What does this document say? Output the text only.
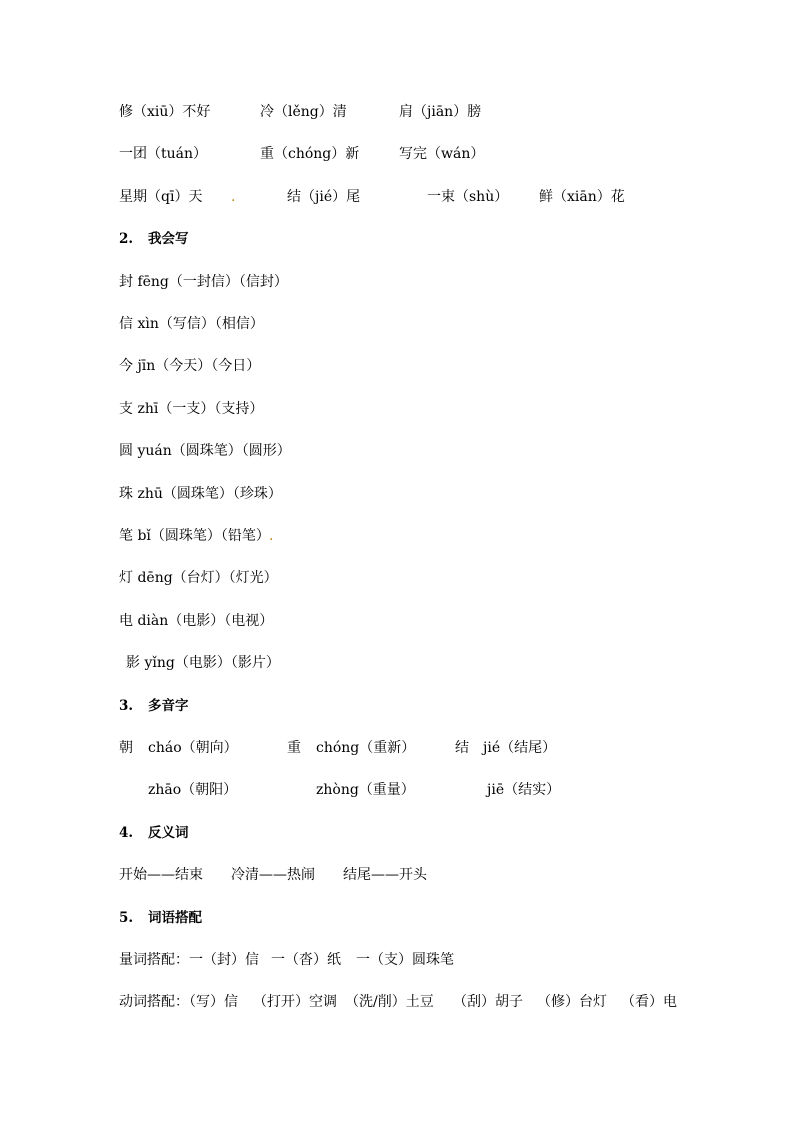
修（xiū）不好	冷（lěng）清	肩（jiān）膀
一团（tuán）	重（chóng）新	写完（wán）
星期（qī）天 .	结（jié）尾	一束（shù） 鲜（xiān）花
2. 我会写
封 fēng（一封信）（信封）
信 xìn（写信）（相信）
今 jīn（今天）（今日）
支 zhī（一支）（支持）
圆 yuán（圆珠笔）（圆形）
珠 zhū（圆珠笔）（珍珠）
笔 bǐ（圆珠笔）（铅笔） .
灯 dēng（台灯）（灯光）
电 diàn（电影）（电视）
影 yǐng（电影）（影片）
3. 多音字
朝 cháo（朝向）	重 chóng（重新）	结 jié（结尾）
zhāo（朝阳）	zhòng（重量）	jiē（结实）
4. 反义词
开始——结束 冷清——热闹 结尾——开头
5. 词语搭配
量词搭配：一（封）信 一（沓）纸 一（支）圆珠笔
动词搭配：（写）信 （打开）空调 （洗/削）土豆 （刮）胡子 （修）台灯 （看）电
